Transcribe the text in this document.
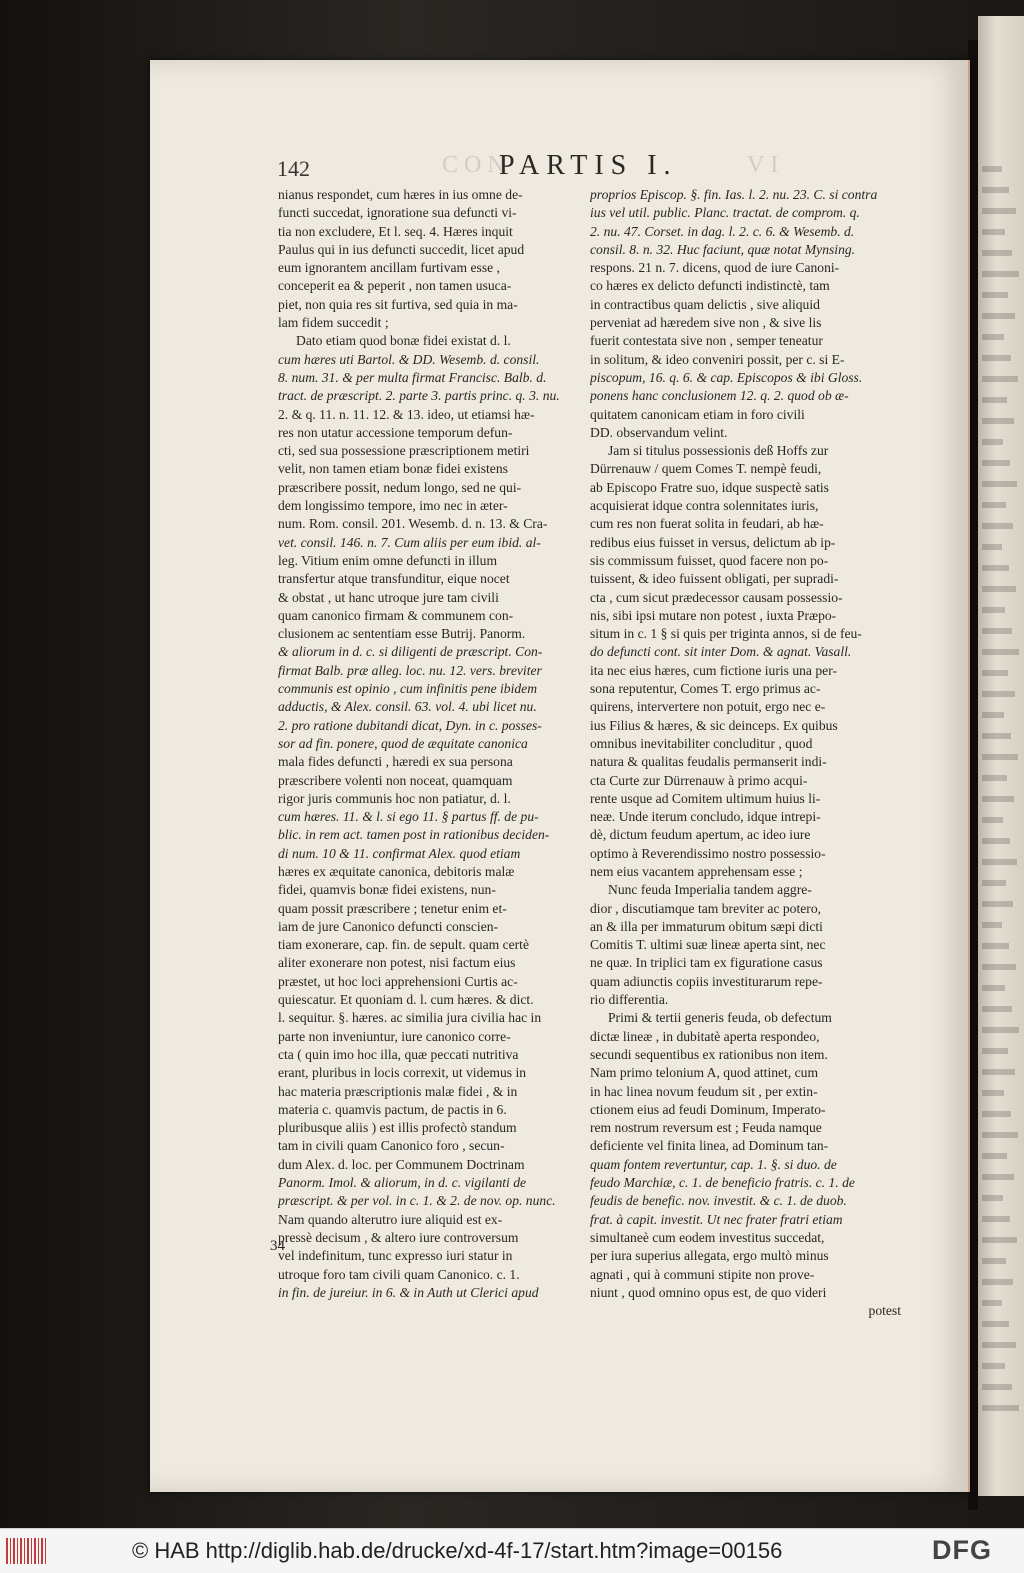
142	CON
PARTIS I.	VI
nianus respondet, cum hæres in ius omne de-
functi succedat, ignoratione sua defuncti vi-
tia non excludere, Et l. seq. 4. Hæres inquit
Paulus qui in ius defuncti succedit, licet apud
eum ignorantem ancillam furtivam esse ,
conceperit ea & peperit , non tamen usuca-
piet, non quia res sit furtiva, sed quia in ma-
lam fidem succedit ;
Dato etiam quod bonæ fidei existat d. l.
cum hæres uti Bartol. & DD. Wesemb. d. consil.
8. num. 31. & per multa firmat Francisc. Balb. d.
tract. de præscript. 2. parte 3. partis princ. q. 3. nu.
2. & q. 11. n. 11. 12. & 13. ideo, ut etiamsi hæ-
res non utatur accessione temporum defun-
cti, sed sua possessione præscriptionem metiri
velit, non tamen etiam bonæ fidei existens
præscribere possit, nedum longo, sed ne qui-
dem longissimo tempore, imo nec in æter-
num. Rom. consil. 201. Wesemb. d. n. 13. & Cra-
vet. consil. 146. n. 7. Cum aliis per eum ibid. al-
leg. Vitium enim omne defuncti in illum
transfertur atque transfunditur, eique nocet
& obstat , ut hanc utroque jure tam civili
quam canonico firmam & communem con-
clusionem ac sententiam esse Butrij. Panorm.
& aliorum in d. c. si diligenti de præscript. Con-
firmat Balb. præ alleg. loc. nu. 12. vers. breviter
communis est opinio , cum infinitis pene ibidem
adductis, & Alex. consil. 63. vol. 4. ubi licet nu.
2. pro ratione dubitandi dicat, Dyn. in c. posses-
sor ad fin. ponere, quod de æquitate canonica
mala fides defuncti , hæredi ex sua persona
præscribere volenti non noceat, quamquam
rigor juris communis hoc non patiatur, d. l.
cum hæres. 11. & l. si ego 11. § partus ff. de pu-
blic. in rem act. tamen post in rationibus deciden-
di num. 10 & 11. confirmat Alex. quod etiam
hæres ex æquitate canonica, debitoris malæ
fidei, quamvis bonæ fidei existens, nun-
quam possit præscribere ; tenetur enim et-
iam de jure Canonico defuncti conscien-
tiam exonerare, cap. fin. de sepult. quam certè
aliter exonerare non potest, nisi factum eius
præstet, ut hoc loci apprehensioni Curtis ac-
quiescatur. Et quoniam d. l. cum hæres. & dict.
l. sequitur. §. hæres. ac similia jura civilia hac in
parte non inveniuntur, iure canonico corre-
cta ( quin imo hoc illa, quæ peccati nutritiva
erant, pluribus in locis correxit, ut videmus in
hac materia præscriptionis malæ fidei , & in
materia c. quamvis pactum, de pactis in 6.
pluribusque aliis ) est illis profectò standum
tam in civili quam Canonico foro , secun-
dum Alex. d. loc. per Communem Doctrinam
Panorm. Imol. & aliorum, in d. c. vigilanti de
præscript. & per vol. in c. 1. & 2. de nov. op. nunc.
Nam quando alterutro iure aliquid est ex-
pressè decisum , & altero iure controversum
vel indefinitum, tunc expresso iuri statur in
utroque foro tam civili quam Canonico. c. 1.
in fin. de jureiur. in 6. & in Auth ut Clerici apud
proprios Episcop. §. fin. Ias. l. 2. nu. 23. C. si contra
ius vel util. public. Planc. tractat. de comprom. q.
2. nu. 47. Corset. in dag. l. 2. c. 6. & Wesemb. d.
consil. 8. n. 32. Huc faciunt, quæ notat Mynsing.
respons. 21 n. 7. dicens, quod de iure Canoni-
co hæres ex delicto defuncti indistinctè, tam
in contractibus quam delictis , sive aliquid
perveniat ad hæredem sive non , & sive lis
fuerit contestata sive non , semper teneatur
in solitum, & ideo conveniri possit, per c. si E-
piscopum, 16. q. 6. & cap. Episcopos & ibi Gloss.
ponens hanc conclusionem 12. q. 2. quod ob æ-
quitatem canonicam etiam in foro civili
DD. observandum velint.
Jam si titulus possessionis deß Hoffs zur
Dürrenauw / quem Comes T. nempè feudi,
ab Episcopo Fratre suo, idque suspectè satis
acquisierat idque contra solennitates iuris,
cum res non fuerat solita in feudari, ab hæ-
redibus eius fuisset in versus, delictum ab ip-
sis commissum fuisset, quod facere non po-
tuissent, & ideo fuissent obligati, per supradi-
cta , cum sicut prædecessor causam possessio-
nis, sibi ipsi mutare non potest , iuxta Præpo-
situm in c. 1 § si quis per triginta annos, si de feu-
do defuncti cont. sit inter Dom. & agnat. Vasall.
ita nec eius hæres, cum fictione iuris una per-
sona reputentur, Comes T. ergo primus ac-
quirens, intervertere non potuit, ergo nec e-
ius Filius & hæres, & sic deinceps. Ex quibus
omnibus inevitabiliter concluditur , quod
natura & qualitas feudalis permanserit indi-
cta Curte zur Dürrenauw à primo acqui-
rente usque ad Comitem ultimum huius li-
neæ. Unde iterum concludo, idque intrepi-
dè, dictum feudum apertum, ac ideo iure
optimo à Reverendissimo nostro possessio-
nem eius vacantem apprehensam esse ;
Nunc feuda Imperialia tandem aggre-
dior , discutiamque tam breviter ac potero,
an & illa per immaturum obitum sæpi dicti
Comitis T. ultimi suæ lineæ aperta sint, nec
ne quæ. In triplici tam ex figuratione casus
quam adiunctis copiis investiturarum repe-
rio differentia.
Primi & tertii generis feuda, ob defectum
dictæ lineæ , in dubitatè aperta respondeo,
secundi sequentibus ex rationibus non item.
Nam primo telonium A, quod attinet, cum
in hac linea novum feudum sit , per extin-
ctionem eius ad feudi Dominum, Imperato-
rem nostrum reversum est ; Feuda namque
deficiente vel finita linea, ad Dominum tan-
quam fontem revertuntur, cap. 1. §. si duo. de
feudo Marchiæ, c. 1. de beneficio fratris. c. 1. de
feudis de benefic. nov. investit. & c. 1. de duob.
frat. à capit. investit. Ut nec frater fratri etiam
simultaneè cum eodem investitus succedat,
per iura superius allegata, ergo multò minus
agnati , qui à communi stipite non prove-
niunt , quod omnino opus est, de quo videri
potest
34
© HAB http://diglib.hab.de/drucke/xd-4f-17/start.htm?image=00156	DFG
